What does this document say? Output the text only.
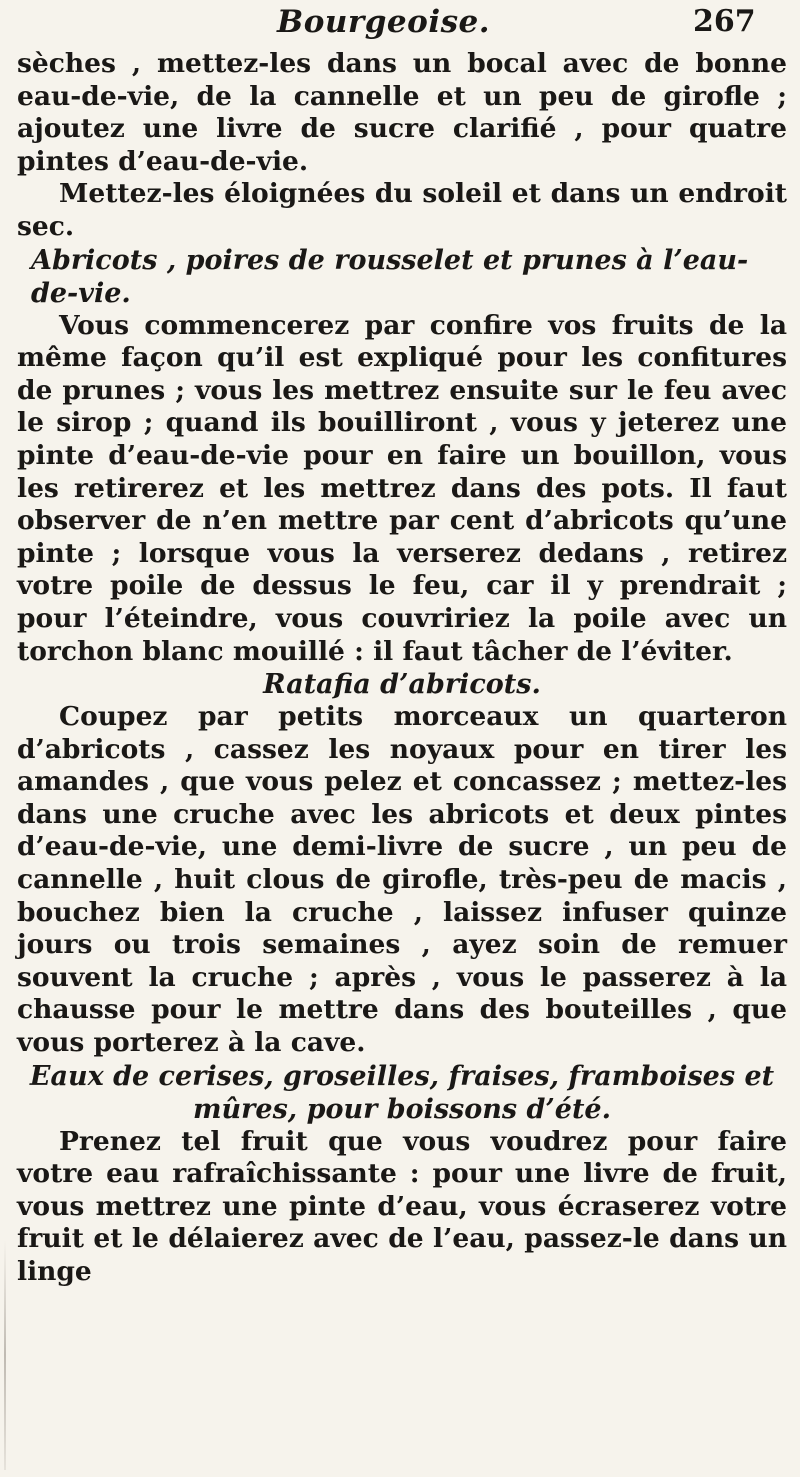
Bourgeoise.	267

sèches , mettez-les dans un bocal avec de bonne eau-de-vie, de la cannelle et un peu de girofle ; ajoutez une livre de sucre clarifié , pour quatre pintes d’eau-de-vie.

Mettez-les éloignées du soleil et dans un endroit sec.

Abricots , poires de rousselet et prunes à l’eau-de-vie.

Vous commencerez par confire vos fruits de la même façon qu’il est expliqué pour les confitures de prunes ; vous les mettrez ensuite sur le feu avec le sirop ; quand ils bouilliront , vous y jeterez une pinte d’eau-de-vie pour en faire un bouillon, vous les retirerez et les mettrez dans des pots. Il faut observer de n’en mettre par cent d’abricots qu’une pinte ; lorsque vous la verserez dedans , retirez votre poile de dessus le feu, car il y prendrait ; pour l’éteindre, vous couvririez la poile avec un torchon blanc mouillé : il faut tâcher de l’éviter.

Ratafia d’abricots.

Coupez par petits morceaux un quarteron d’abricots , cassez les noyaux pour en tirer les amandes , que vous pelez et concassez ; mettez-les dans une cruche avec les abricots et deux pintes d’eau-de-vie, une demi-livre de sucre , un peu de cannelle , huit clous de girofle, très-peu de macis , bouchez bien la cruche , laissez infuser quinze jours ou trois semaines , ayez soin de remuer souvent la cruche ; après , vous le passerez à la chausse pour le mettre dans des bouteilles , que vous porterez à la cave.

Eaux de cerises, groseilles, fraises, framboises et mûres, pour boissons d’été.

Prenez tel fruit que vous voudrez pour faire votre eau rafraîchissante : pour une livre de fruit, vous mettrez une pinte d’eau, vous écraserez votre fruit et le délaierez avec de l’eau, passez-le dans un linge
